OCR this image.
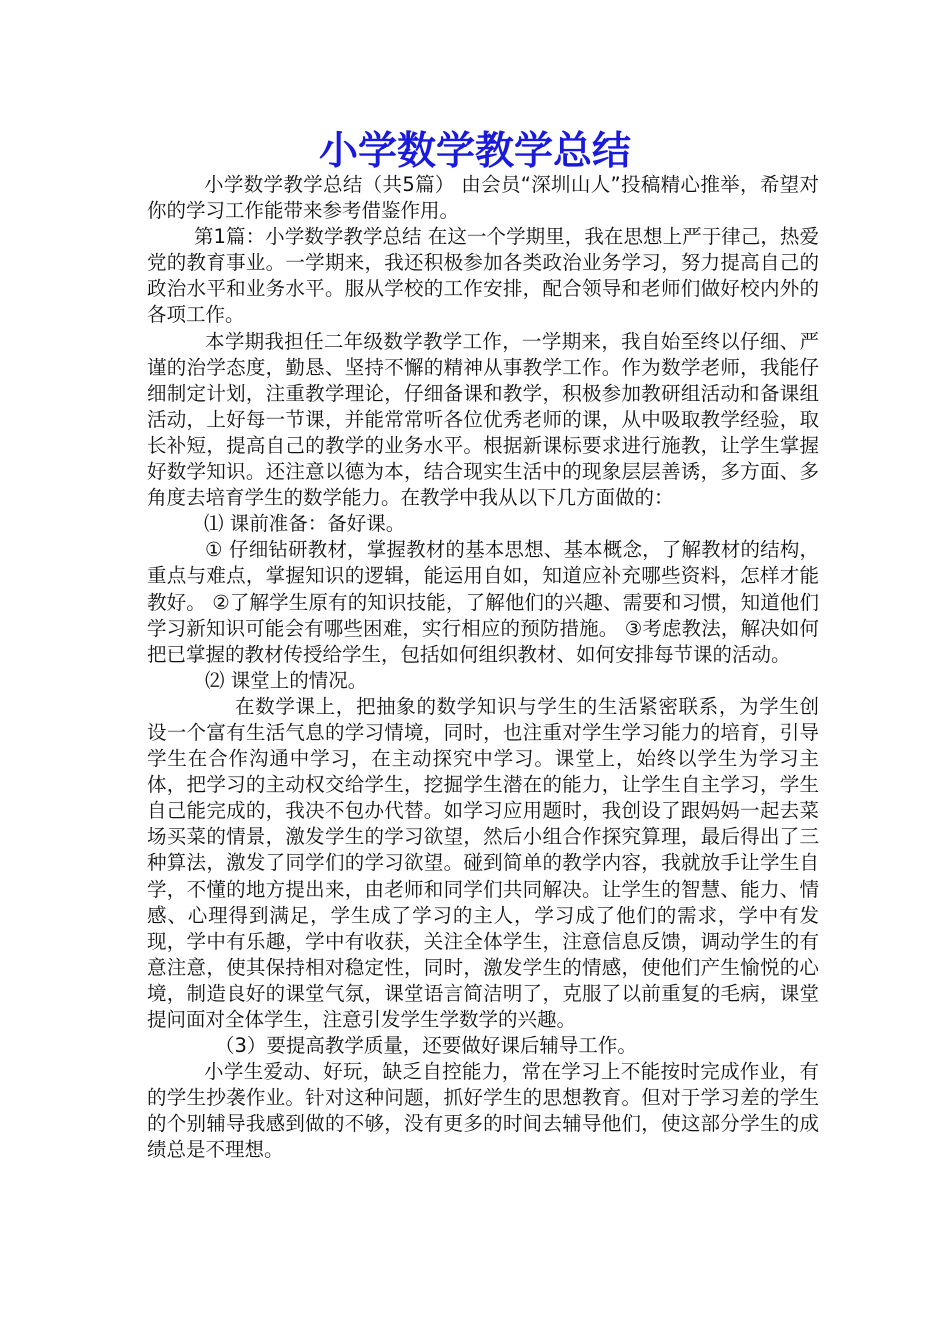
小学数学教学总结

小学数学教学总结（共5篇） 由会员“深圳山人”投稿精心推举，希望对你的学习工作能带来参考借鉴作用。

第1篇：小学数学教学总结 在这一个学期里，我在思想上严于律己，热爱党的教育事业。一学期来，我还积极参加各类政治业务学习，努力提高自己的政治水平和业务水平。服从学校的工作安排，配合领导和老师们做好校内外的各项工作。

本学期我担任二年级数学教学工作，一学期来，我自始至终以仔细、严谨的治学态度，勤恳、坚持不懈的精神从事教学工作。作为数学老师，我能仔细制定计划，注重教学理论，仔细备课和教学，积极参加教研组活动和备课组活动，上好每一节课，并能常常听各位优秀老师的课，从中吸取教学经验，取长补短，提高自己的教学的业务水平。根据新课标要求进行施教，让学生掌握好数学知识。还注意以德为本，结合现实生活中的现象层层善诱，多方面、多角度去培育学生的数学能力。在教学中我从以下几方面做的：

⑴ 课前准备：备好课。

① 仔细钻研教材，掌握教材的基本思想、基本概念，了解教材的结构，重点与难点，掌握知识的逻辑，能运用自如，知道应补充哪些资料，怎样才能教好。 ②了解学生原有的知识技能，了解他们的兴趣、需要和习惯，知道他们学习新知识可能会有哪些困难，实行相应的预防措施。 ③考虑教法，解决如何把已掌握的教材传授给学生，包括如何组织教材、如何安排每节课的活动。

⑵ 课堂上的情况。

在数学课上，把抽象的数学知识与学生的生活紧密联系，为学生创设一个富有生活气息的学习情境，同时，也注重对学生学习能力的培育，引导学生在合作沟通中学习，在主动探究中学习。课堂上，始终以学生为学习主体，把学习的主动权交给学生，挖掘学生潜在的能力，让学生自主学习，学生自己能完成的，我决不包办代替。如学习应用题时，我创设了跟妈妈一起去菜场买菜的情景，激发学生的学习欲望，然后小组合作探究算理，最后得出了三种算法，激发了同学们的学习欲望。碰到简单的教学内容，我就放手让学生自学，不懂的地方提出来，由老师和同学们共同解决。让学生的智慧、能力、情感、心理得到满足，学生成了学习的主人，学习成了他们的需求，学中有发现，学中有乐趣，学中有收获，关注全体学生，注意信息反馈，调动学生的有意注意，使其保持相对稳定性，同时，激发学生的情感，使他们产生愉悦的心境，制造良好的课堂气氛，课堂语言简洁明了，克服了以前重复的毛病，课堂提问面对全体学生，注意引发学生学数学的兴趣。

（3）要提高教学质量，还要做好课后辅导工作。

小学生爱动、好玩，缺乏自控能力，常在学习上不能按时完成作业，有的学生抄袭作业。针对这种问题，抓好学生的思想教育。但对于学习差的学生的个别辅导我感到做的不够，没有更多的时间去辅导他们，使这部分学生的成绩总是不理想。
